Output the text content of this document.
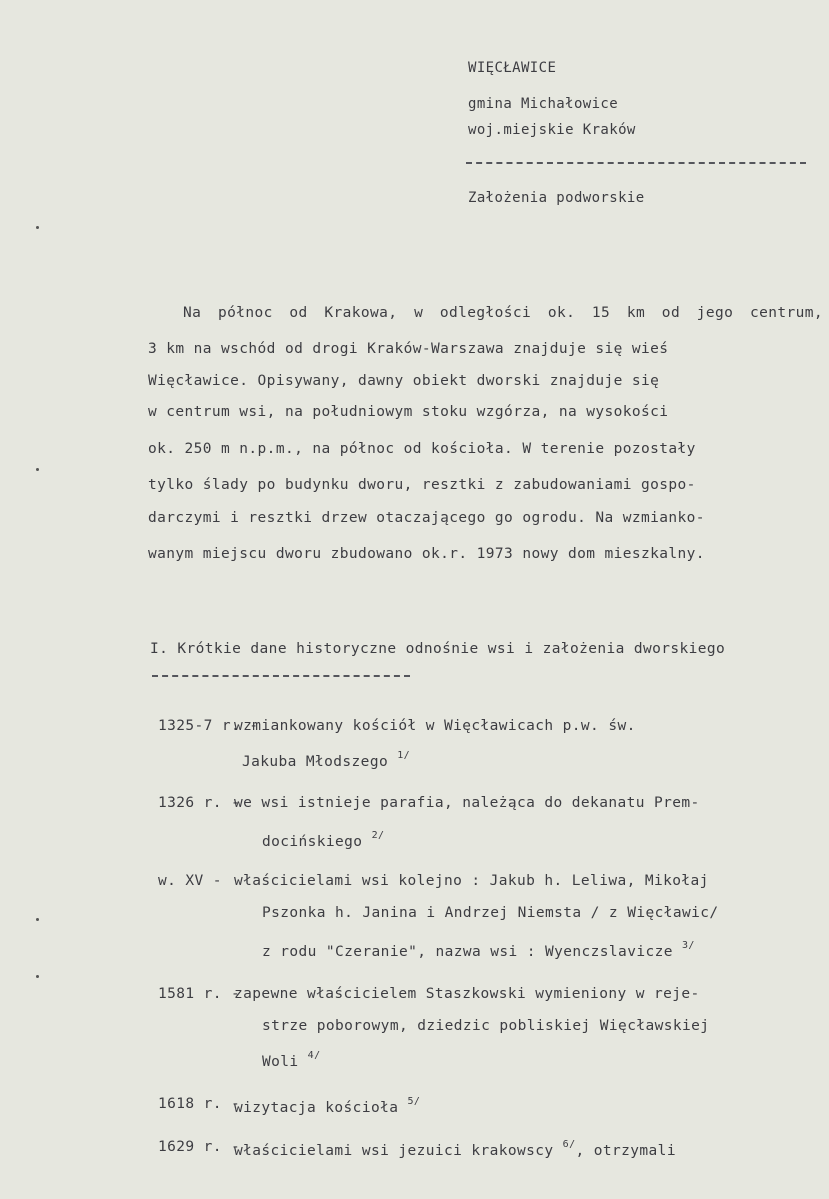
WIĘCŁAWICE
gmina Michałowice
woj.miejskie Kraków
Założenia podworskie
Na północ od Krakowa, w odległości ok. 15 km od jego centrum,
3 km na wschód od drogi Kraków-Warszawa znajduje się wieś
Więcławice. Opisywany, dawny obiekt dworski znajduje się
w centrum wsi, na południowym stoku wzgórza, na wysokości
ok. 250 m n.p.m., na północ od kościoła. W terenie pozostały
tylko ślady po budynku dworu, resztki z zabudowaniami gospo-
darczymi i resztki drzew otaczającego go ogrodu. Na wzmianko-
wanym miejscu dworu zbudowano ok.r. 1973 nowy dom mieszkalny.
I. Krótkie dane historyczne odnośnie wsi i założenia dworskiego
1325-7 r. -
wzmiankowany kościół w Więcławicach p.w. św.
Jakuba Młodszego $^{1/}$
1326 r. -
we wsi istnieje parafia, należąca do dekanatu Prem-
docińskiego $^{2/}$
w. XV - właścicielami wsi kolejno : Jakub h. Leliwa, Mikołaj
Pszonka h. Janina i Andrzej Niemsta / z Więcławic/
z rodu "Czeranie", nazwa wsi : Wyenczslavicze $^{3/}$
1581 r. -
zapewne właścicielem Staszkowski wymieniony w reje-
strze poborowym, dziedzic pobliskiej Więcławskiej
Woli $^{4/}$
1618 r. -
wizytacja kościoła $^{5/}$
1629 r. -
właścicielami wsi jezuici krakowscy $^{6/}$, otrzymali
